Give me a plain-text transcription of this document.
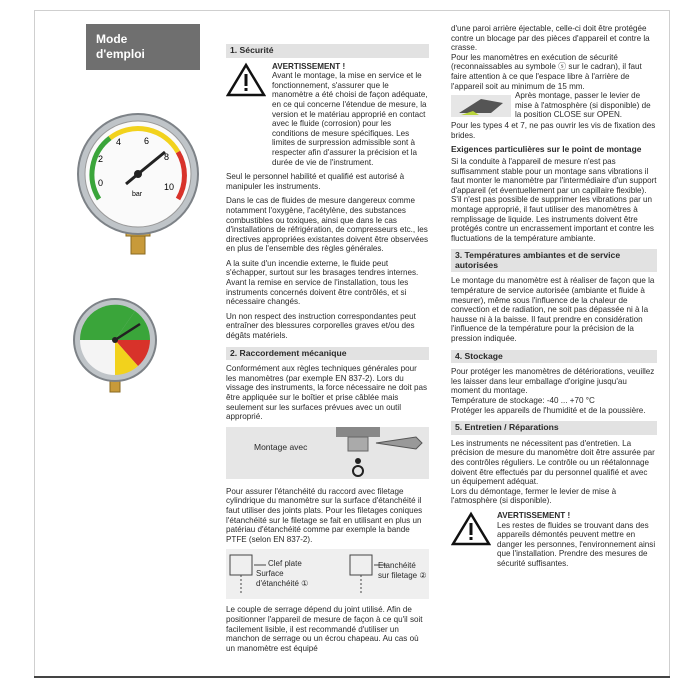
Mode
d'emploi
0
2
4	6
8
10
bar
1. Sécurité
AVERTISSEMENT !
Avant le montage, la mise en service et le fonctionnement, s'assurer que le manomètre a été choisi de façon adéquate, en ce qui concerne l'étendue de mesure, la version et le matériau approprié en contact avec le fluide (corrosion) pour les conditions de mesure spécifiques. Les limites de surpression admissible sont à respecter afin d'assurer la précision et la durée de vie de l'instrument.

Seul le personnel habilité et qualifié est autorisé à manipuler les instruments.

Dans le cas de fluides de mesure dangereux comme notamment l'oxygène, l'acétylène, des substances combustibles ou toxiques, ainsi que dans le cas d'installations de réfrigération, de compresseurs etc., les directives appropriées existantes doivent être observées en plus de l'ensemble des règles générales.

A la suite d'un incendie externe, le fluide peut s'échapper, surtout sur les brasages tendres internes. Avant la remise en service de l'installation, tous les instruments concernés doivent être contrôlés, et si nécessaire changés.

Un non respect des instruction correspondantes peut entraîner des blessures corporelles graves et/ou des dégâts matériels.

2. Raccordement mécanique

Conformément aux règles techniques générales pour les manomètres (par exemple EN 837-2). Lors du vissage des instruments, la force nécessaire ne doit pas être appliquée sur le boîtier et prise câblée mais seulement sur les surfaces prévues avec un outil approprié.

Montage avec

Pour assurer l'étanchéité du raccord avec filetage cylindrique du manomètre sur la surface d'étanchéité il faut utiliser des joints plats. Pour les filetages coniques l'étanchéité sur le filetage se fait en utilisant en plus un patériau d'étanchéité comme par exemple la bande PTFE (selon EN 837-2).

Clef plate
Surface d'étanchéité ①
Etanchéité sur filetage ②

Le couple de serrage dépend du joint utilisé. Afin de positionner l'appareil de mesure de façon à ce qu'il soit facilement lisible, il est recommandé d'utiliser un manchon de serrage ou un écrou chapeau. Au cas où un manomètre est équipé

d'une paroi arrière éjectable, celle-ci doit être protégée contre un blocage par des pièces d'appareil et contre la crasse.

Pour les manomètres en exécution de sécurité (reconnaissables au symbole ⓢ sur le cadran), il faut faire attention à ce que l'espace libre à l'arrière de l'appareil soit au minimum de 15 mm.

Après montage, passer le levier de mise à l'atmosphère (si disponible) de la position CLOSE sur OPEN.

Pour les types 4 et 7, ne pas ouvrir les vis de fixation des brides.

Exigences particulières sur le point de montage

Si la conduite à l'appareil de mesure n'est pas suffisamment stable pour un montage sans vibrations il faut monter le manomètre par l'intermédiaire d'un support d'appareil (et éventuellement par un capillaire flexible). S'il n'est pas possible de supprimer les vibrations par un montage approprié, il faut utiliser des manomètres à remplissage de liquide. Les instruments doivent être protégés contre un encrassement important et contre les fluctuations de la température ambiante.

3. Températures ambiantes et de service autorisées

Le montage du manomètre est à réaliser de façon que la température de service autorisée (ambiante et fluide à mesurer), même sous l'influence de la chaleur de convection et de radiation, ne soit pas dépassée ni à la hausse ni à la baisse. Il faut prendre en considération l'influence de la température pour la précision de la pression indiquée.

4. Stockage

Pour protéger les manomètres de détériorations, veuillez les laisser dans leur emballage d'origine jusqu'au moment du montage.

Température de stockage: -40 ... +70 °C

Protéger les appareils de l'humidité et de la poussière.

5. Entretien / Réparations

Les instruments ne nécessitent pas d'entretien. La précision de mesure du manomètre doit être assurée par des contrôles réguliers. Le contrôle ou un réétalonnage doivent être effectués par du personnel qualifié et avec un équipement adéquat.

Lors du démontage, fermer le levier de mise à l'atmosphère (si disponible).

AVERTISSEMENT !
Les restes de fluides se trouvant dans des appareils démontés peuvent mettre en danger les personnes, l'environnement ainsi que l'installation. Prendre des mesures de sécurité suffisantes.
